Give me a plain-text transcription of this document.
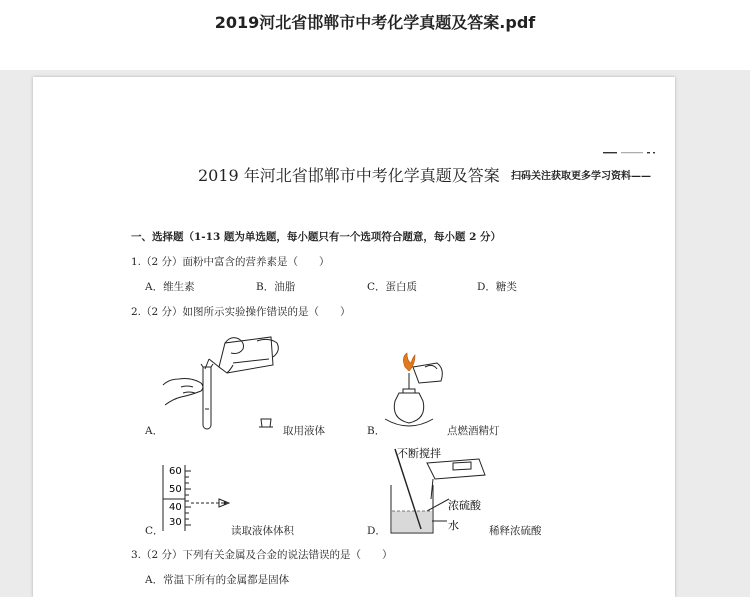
2019河北省邯郸市中考化学真题及答案.pdf
2019 年河北省邯郸市中考化学真题及答案 扫码关注获取更多学习资料——
一、选择题（1-13 题为单选题，每小题只有一个选项符合题意，每小题 2 分）
1.（2 分）面粉中富含的营养素是（　　）
A．维生素	B．油脂	C．蛋白质	D．糖类
2.（2 分）如图所示实验操作错误的是（　　）
A．	取用液体	B．	点燃酒精灯
60
50
40
30
C．	读取液体体积
不断搅拌
浓硫酸
水
D．	稀释浓硫酸
3.（2 分）下列有关金属及合金的说法错误的是（　　）
A．常温下所有的金属都是固体
